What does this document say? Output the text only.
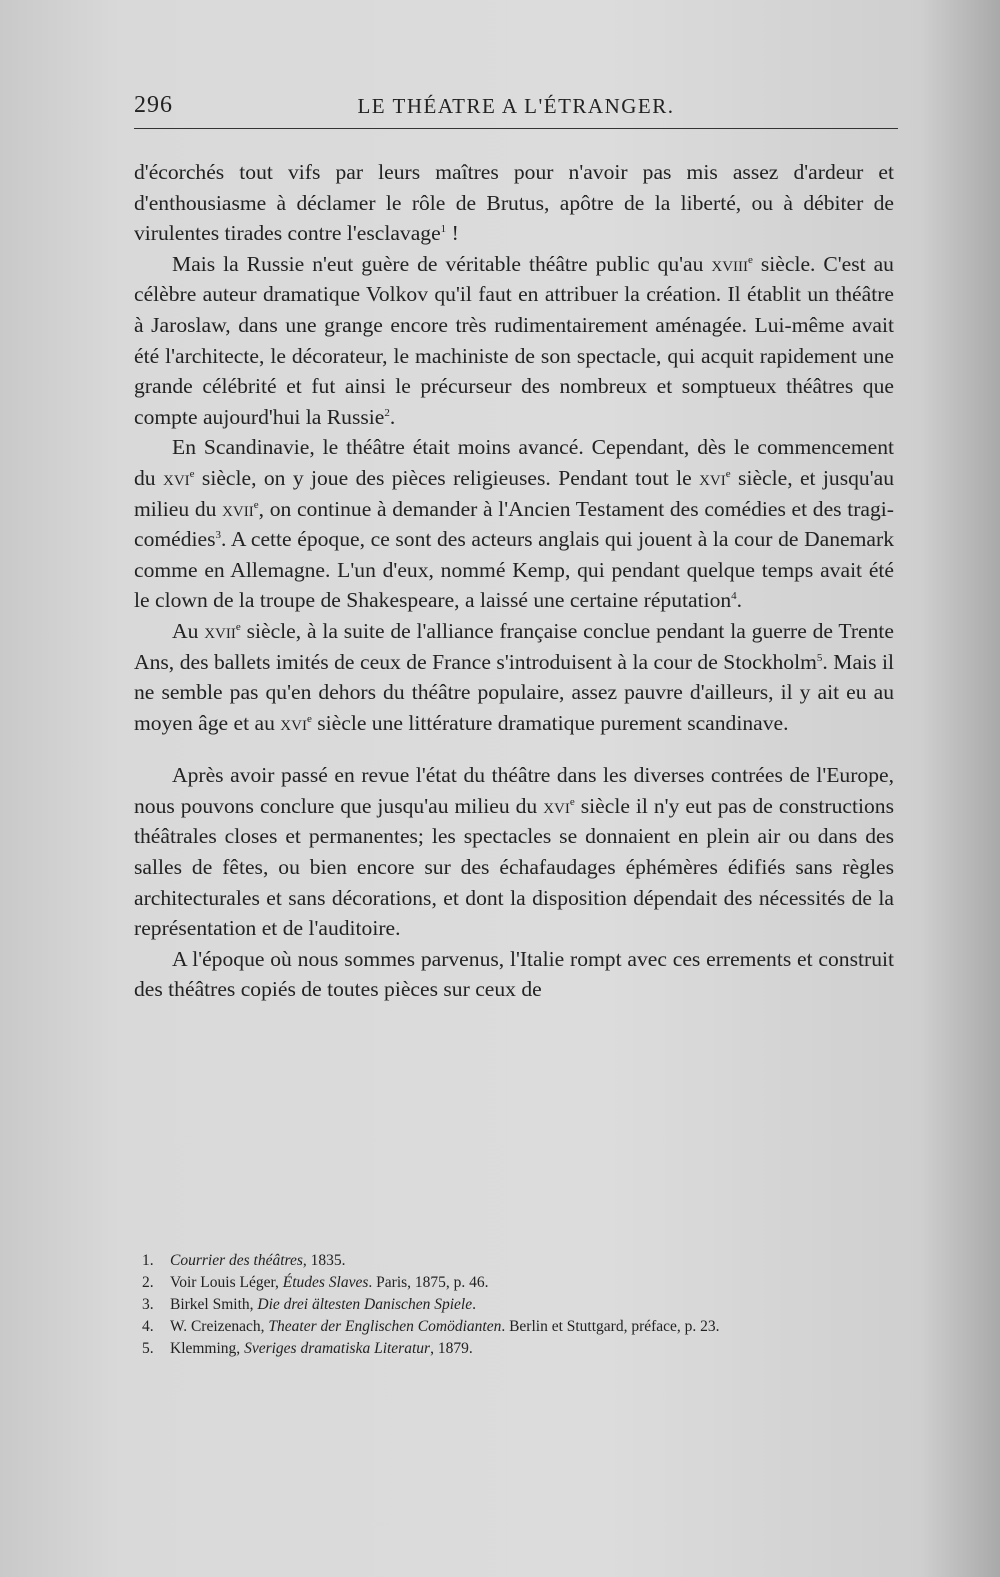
296	LE THÉATRE A L'ÉTRANGER.

d'écorchés tout vifs par leurs maîtres pour n'avoir pas mis assez d'ardeur et d'enthousiasme à déclamer le rôle de Brutus, apôtre de la liberté, ou à débiter de virulentes tirades contre l'esclavage$^1$ !

Mais la Russie n'eut guère de véritable théâtre public qu'au xviii$^e$ siècle. C'est au célèbre auteur dramatique Volkov qu'il faut en attribuer la création. Il établit un théâtre à Jaroslaw, dans une grange encore très rudimentairement aménagée. Lui-même avait été l'architecte, le décorateur, le machiniste de son spectacle, qui acquit rapidement une grande célébrité et fut ainsi le précurseur des nombreux et somptueux théâtres que compte aujourd'hui la Russie$^2$.

En Scandinavie, le théâtre était moins avancé. Cependant, dès le commencement du xvi$^e$ siècle, on y joue des pièces religieuses. Pendant tout le xvi$^e$ siècle, et jusqu'au milieu du xvii$^e$, on continue à demander à l'Ancien Testament des comédies et des tragi-comédies$^3$. A cette époque, ce sont des acteurs anglais qui jouent à la cour de Danemark comme en Allemagne. L'un d'eux, nommé Kemp, qui pendant quelque temps avait été le clown de la troupe de Shakespeare, a laissé une certaine réputation$^4$.

Au xvii$^e$ siècle, à la suite de l'alliance française conclue pendant la guerre de Trente Ans, des ballets imités de ceux de France s'introduisent à la cour de Stockholm$^5$. Mais il ne semble pas qu'en dehors du théâtre populaire, assez pauvre d'ailleurs, il y ait eu au moyen âge et au xvi$^e$ siècle une littérature dramatique purement scandinave.

Après avoir passé en revue l'état du théâtre dans les diverses contrées de l'Europe, nous pouvons conclure que jusqu'au milieu du xvi$^e$ siècle il n'y eut pas de constructions théâtrales closes et permanentes; les spectacles se donnaient en plein air ou dans des salles de fêtes, ou bien encore sur des échafaudages éphémères édifiés sans règles architecturales et sans décorations, et dont la disposition dépendait des nécessités de la représentation et de l'auditoire.

A l'époque où nous sommes parvenus, l'Italie rompt avec ces errements et construit des théâtres copiés de toutes pièces sur ceux de

1. Courrier des théâtres, 1835.

2. Voir Louis Léger, Études Slaves. Paris, 1875, p. 46.

3. Birkel Smith, Die drei ältesten Danischen Spiele.

4. W. Creizenach, Theater der Englischen Comödianten. Berlin et Stuttgard, préface, p. 23.

5. Klemming, Sveriges dramatiska Literatur, 1879.
